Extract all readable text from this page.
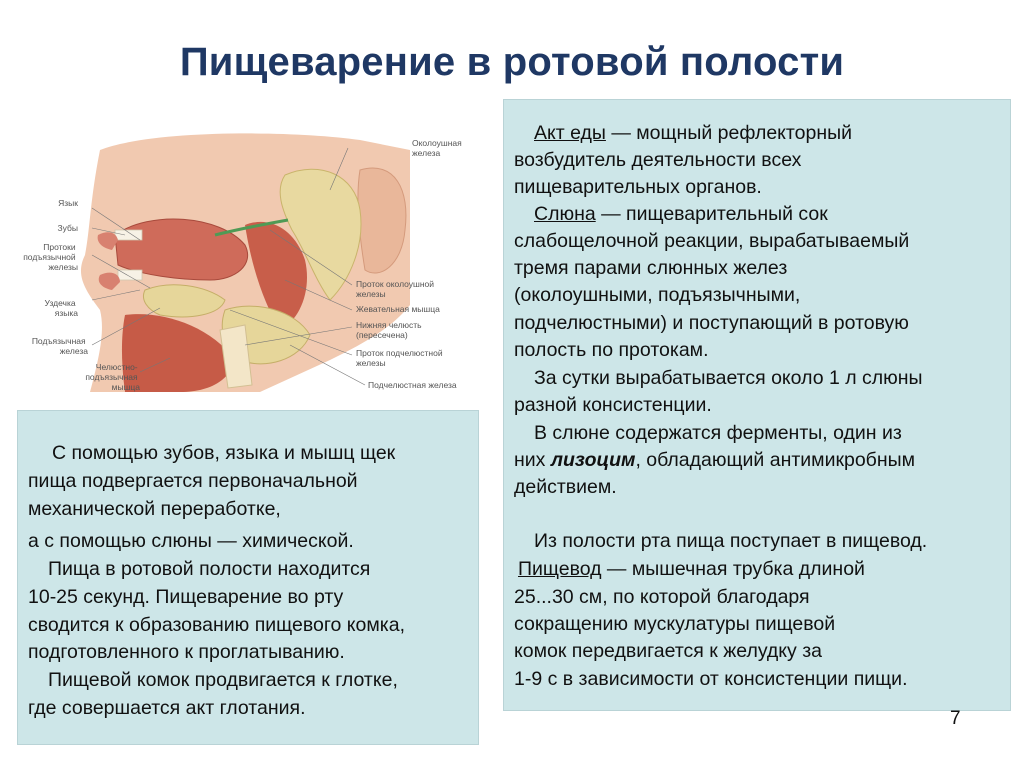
Пищеварение в ротовой полости
Язык
Зубы
Протоки подъязычной железы
Уздечка языка
Подъязычная железа
Челюстно- подъязычная мышца
Околоушная железа
Проток околоушной железы
Жевательная мышца
Нижняя челюсть (пересечена)
Проток подчелюстной железы
Подчелюстная железа
Акт еды — мощный рефлекторный
возбудитель деятельности всех
пищеварительных органов.
Слюна — пищеварительный сок
слабощелочной реакции, вырабатываемый
тремя парами слюнных желез
(околоушными, подъязычными,
подчелюстными) и поступающий в ротовую
полость по протокам.
За сутки вырабатывается около 1 л слюны
разной консистенции.
В слюне содержатся ферменты, один из
них лизоцим, обладающий антимикробным
действием.
Из полости рта пища поступает в пищевод.
Пищевод — мышечная трубка длиной
25...30 см, по которой благодаря
сокращению мускулатуры пищевой
комок передвигается к желудку за
1-9 с в зависимости от консистенции пищи.
С помощью зубов, языка и мышц щек
пища подвергается первоначальной
механической переработке,
а с помощью слюны — химической.
Пища в ротовой полости находится
10-25 секунд. Пищеварение во рту
сводится к образованию пищевого комка,
подготовленного к проглатыванию.
Пищевой комок продвигается к глотке,
где совершается акт глотания.	7
